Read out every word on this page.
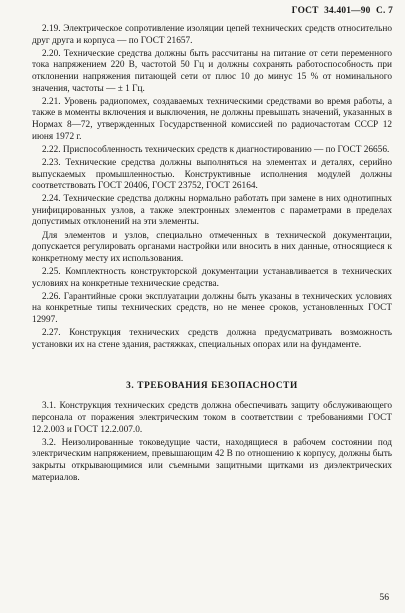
ГОСТ 34.401—90 С. 7

2.19. Электрическое сопротивление изоляции цепей технических средств относительно друг друга и корпуса — по ГОСТ 21657.

2.20. Технические средства должны быть рассчитаны на питание от сети переменного тока напряжением 220 В, частотой 50 Гц и должны сохранять работоспособность при отклонении напряжения питающей сети от плюс 10 до минус 15 % от номинального значения, частоты — ± 1 Гц.

2.21. Уровень радиопомех, создаваемых техническими средствами во время работы, а также в моменты включения и выключения, не должны превышать значений, указанных в Нормах 8—72, утвержденных Государственной комиссией по радиочастотам СССР 12 июня 1972 г.

2.22. Приспособленность технических средств к диагностированию — по ГОСТ 26656.

2.23. Технические средства должны выполняться на элементах и деталях, серийно выпускаемых промышленностью. Конструктивные исполнения модулей должны соответствовать ГОСТ 20406, ГОСТ 23752, ГОСТ 26164.

2.24. Технические средства должны нормально работать при замене в них однотипных унифицированных узлов, а также электронных элементов с параметрами в пределах допустимых отклонений на эти элементы.

Для элементов и узлов, специально отмеченных в технической документации, допускается регулировать органами настройки или вносить в них данные, относящиеся к конкретному месту их использования.

2.25. Комплектность конструкторской документации устанавливается в технических условиях на конкретные технические средства.

2.26. Гарантийные сроки эксплуатации должны быть указаны в технических условиях на конкретные типы технических средств, но не менее сроков, установленных ГОСТ 12997.

2.27. Конструкция технических средств должна предусматривать возможность установки их на стене здания, растяжках, специальных опорах или на фундаменте.

3. ТРЕБОВАНИЯ БЕЗОПАСНОСТИ

3.1. Конструкция технических средств должна обеспечивать защиту обслуживающего персонала от поражения электрическим током в соответствии с требованиями ГОСТ 12.2.003 и ГОСТ 12.2.007.0.

3.2. Неизолированные токоведущие части, находящиеся в рабочем состоянии под электрическим напряжением, превышающим 42 В по отношению к корпусу, должны быть закрыты открывающимися или съемными защитными щитками из диэлектрических материалов.

56
